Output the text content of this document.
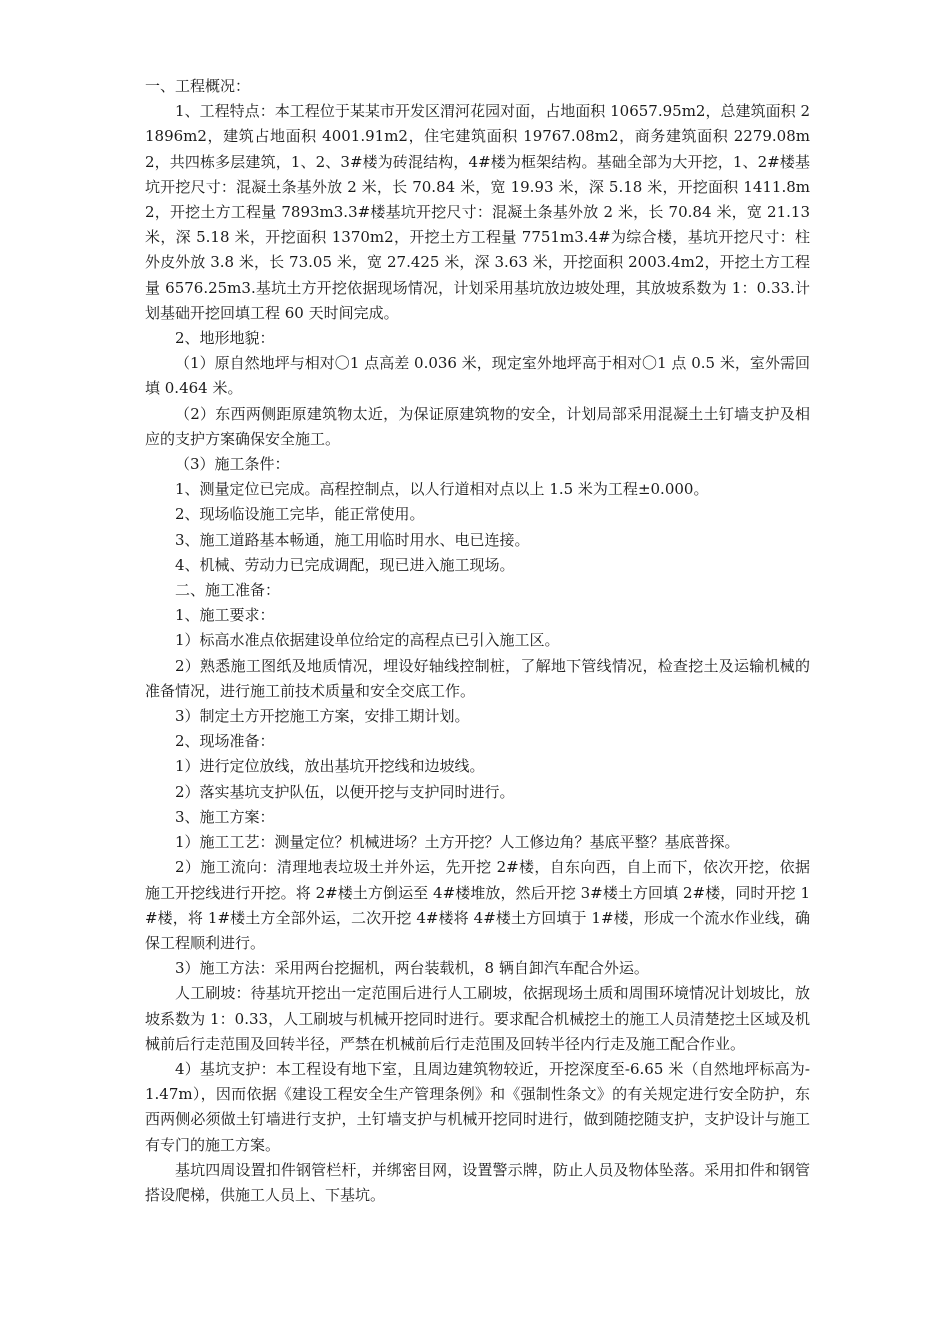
一、工程概况：

1、工程特点：本工程位于某某市开发区渭河花园对面，占地面积 10657.95m2，总建筑面积 21896m2，建筑占地面积 4001.91m2，住宅建筑面积 19767.08m2，商务建筑面积 2279.08m2，共四栋多层建筑，1、2、3#楼为砖混结构，4#楼为框架结构。基础全部为大开挖，1、2#楼基坑开挖尺寸：混凝土条基外放 2 米，长 70.84 米，宽 19.93 米，深 5.18 米，开挖面积 1411.8m2，开挖土方工程量 7893m3.3#楼基坑开挖尺寸：混凝土条基外放 2 米，长 70.84 米，宽 21.13 米，深 5.18 米，开挖面积 1370m2，开挖土方工程量 7751m3.4#为综合楼，基坑开挖尺寸：柱外皮外放 3.8 米，长 73.05 米，宽 27.425 米，深 3.63 米，开挖面积 2003.4m2，开挖土方工程量 6576.25m3.基坑土方开挖依据现场情况，计划采用基坑放边坡处理，其放坡系数为 1：0.33.计划基础开挖回填工程 60 天时间完成。

2、地形地貌：

（1）原自然地坪与相对〇1 点高差 0.036 米，现定室外地坪高于相对〇1 点 0.5 米，室外需回填 0.464 米。

（2）东西两侧距原建筑物太近，为保证原建筑物的安全，计划局部采用混凝土土钉墙支护及相应的支护方案确保安全施工。

（3）施工条件：

1、测量定位已完成。高程控制点，以人行道相对点以上 1.5 米为工程±0.000。

2、现场临设施工完毕，能正常使用。

3、施工道路基本畅通，施工用临时用水、电已连接。

4、机械、劳动力已完成调配，现已进入施工现场。

二、施工准备：

1、施工要求：

1）标高水准点依据建设单位给定的高程点已引入施工区。

2）熟悉施工图纸及地质情况，埋设好轴线控制桩，了解地下管线情况，检查挖土及运输机械的准备情况，进行施工前技术质量和安全交底工作。

3）制定土方开挖施工方案，安排工期计划。

2、现场准备：

1）进行定位放线，放出基坑开挖线和边坡线。

2）落实基坑支护队伍，以便开挖与支护同时进行。

3、施工方案：

1）施工工艺：测量定位？机械进场？土方开挖？人工修边角？基底平整？基底普探。

2）施工流向：清理地表垃圾土并外运，先开挖 2#楼，自东向西，自上而下，依次开挖，依据施工开挖线进行开挖。将 2#楼土方倒运至 4#楼堆放，然后开挖 3#楼土方回填 2#楼，同时开挖 1#楼，将 1#楼土方全部外运，二次开挖 4#楼将 4#楼土方回填于 1#楼，形成一个流水作业线，确保工程顺利进行。

3）施工方法：采用两台挖掘机，两台装载机，8 辆自卸汽车配合外运。

人工刷坡：待基坑开挖出一定范围后进行人工刷坡，依据现场土质和周围环境情况计划坡比，放坡系数为 1：0.33，人工刷坡与机械开挖同时进行。要求配合机械挖土的施工人员清楚挖土区域及机械前后行走范围及回转半径，严禁在机械前后行走范围及回转半径内行走及施工配合作业。

4）基坑支护：本工程设有地下室，且周边建筑物较近，开挖深度至-6.65 米（自然地坪标高为-1.47m），因而依据《建设工程安全生产管理条例》和《强制性条文》的有关规定进行安全防护，东西两侧必须做土钉墙进行支护，土钉墙支护与机械开挖同时进行，做到随挖随支护，支护设计与施工有专门的施工方案。

基坑四周设置扣件钢管栏杆，并绑密目网，设置警示牌，防止人员及物体坠落。采用扣件和钢管搭设爬梯，供施工人员上、下基坑。
